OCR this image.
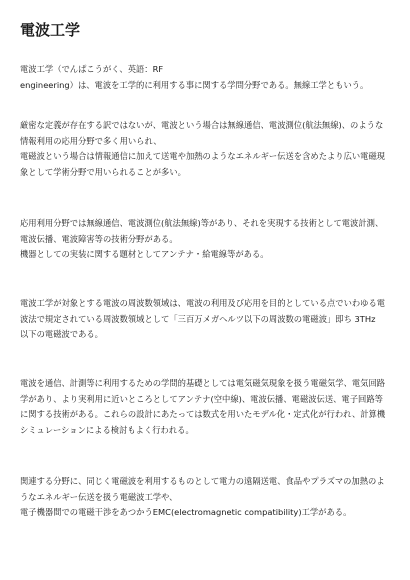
電波工学

電波工学（でんぱこうがく、英語：RF
engineering）は、電波を工学的に利用する事に関する学問分野である。無線工学ともいう。

厳密な定義が存在する訳ではないが、電波という場合は無線通信、電波測位(航法無線)、のような
情報利用の応用分野で多く用いられ、
電磁波という場合は情報通信に加えて送電や加熱のようなエネルギー伝送を含めたより広い電磁現
象として学術分野で用いられることが多い。

応用利用分野では無線通信、電波測位(航法無線)等があり、それを実現する技術として電波計測、
電波伝播、電波障害等の技術分野がある。
機器としての実装に関する題材としてアンテナ・給電線等がある。

電波工学が対象とする電波の周波数領域は、電波の利用及び応用を目的としている点でいわゆる電
波法で規定されている周波数領域として「三百万メガヘルツ以下の周波数の電磁波」即ち 3THz
以下の電磁波である。

電波を通信、計測等に利用するための学問的基礎としては電気磁気現象を扱う電磁気学、電気回路
学があり、より実利用に近いところとしてアンテナ(空中線)、電波伝播、電磁波伝送、電子回路等
に関する技術がある。これらの設計にあたっては数式を用いたモデル化・定式化が行われ、計算機
シミュレーションによる検討もよく行われる。

関連する分野に、同じく電磁波を利用するものとして電力の遠隔送電、食品やプラズマの加熱のよ
うなエネルギー伝送を扱う電磁波工学や、
電子機器間での電磁干渉をあつかうEMC(electromagnetic compatibility)工学がある。
